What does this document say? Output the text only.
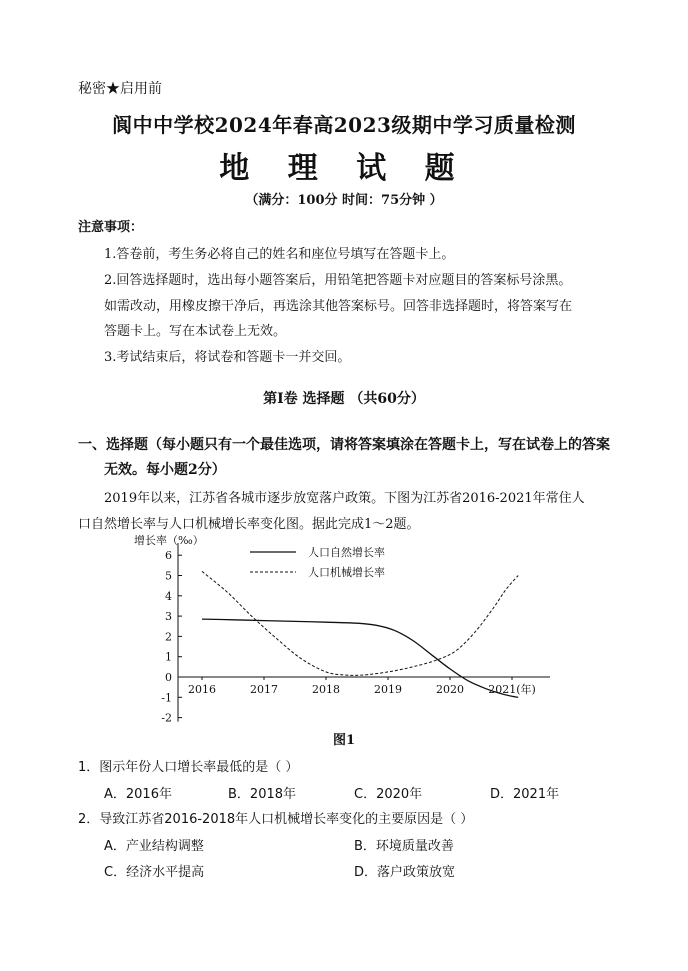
秘密★启用前
阆中中学校2024年春高2023级期中学习质量检测
地 理 试 题
（满分：100分 时间：75分钟 ）
注意事项：
1.答卷前，考生务必将自己的姓名和座位号填写在答题卡上。
2.回答选择题时，选出每小题答案后，用铅笔把答题卡对应题目的答案标号涂黑。
如需改动，用橡皮擦干净后，再选涂其他答案标号。回答非选择题时，将答案写在
答题卡上。写在本试卷上无效。
3.考试结束后，将试卷和答题卡一并交回。
第Ⅰ卷 选择题 （共60分）
一、选择题（每小题只有一个最佳选项，请将答案填涂在答题卡上，写在试卷上的答案
无效。每小题2分）
2019年以来，江苏省各城市逐步放宽落户政策。下图为江苏省2016-2021年常住人
口自然增长率与人口机械增长率变化图。据此完成1～2题。
6
5
4
3
2
1
0
-1
-2
2016	2017	2018	2019	2020 2021(年)
增长率（‰）
人口自然增长率
人口机械增长率
图1
1．图示年份人口增长率最低的是（ ）
A．2016年	B．2018年	C．2020年	D．2021年
2．导致江苏省2016-2018年人口机械增长率变化的主要原因是（ ）
A．产业结构调整	B．环境质量改善
C．经济水平提高	D．落户政策放宽
